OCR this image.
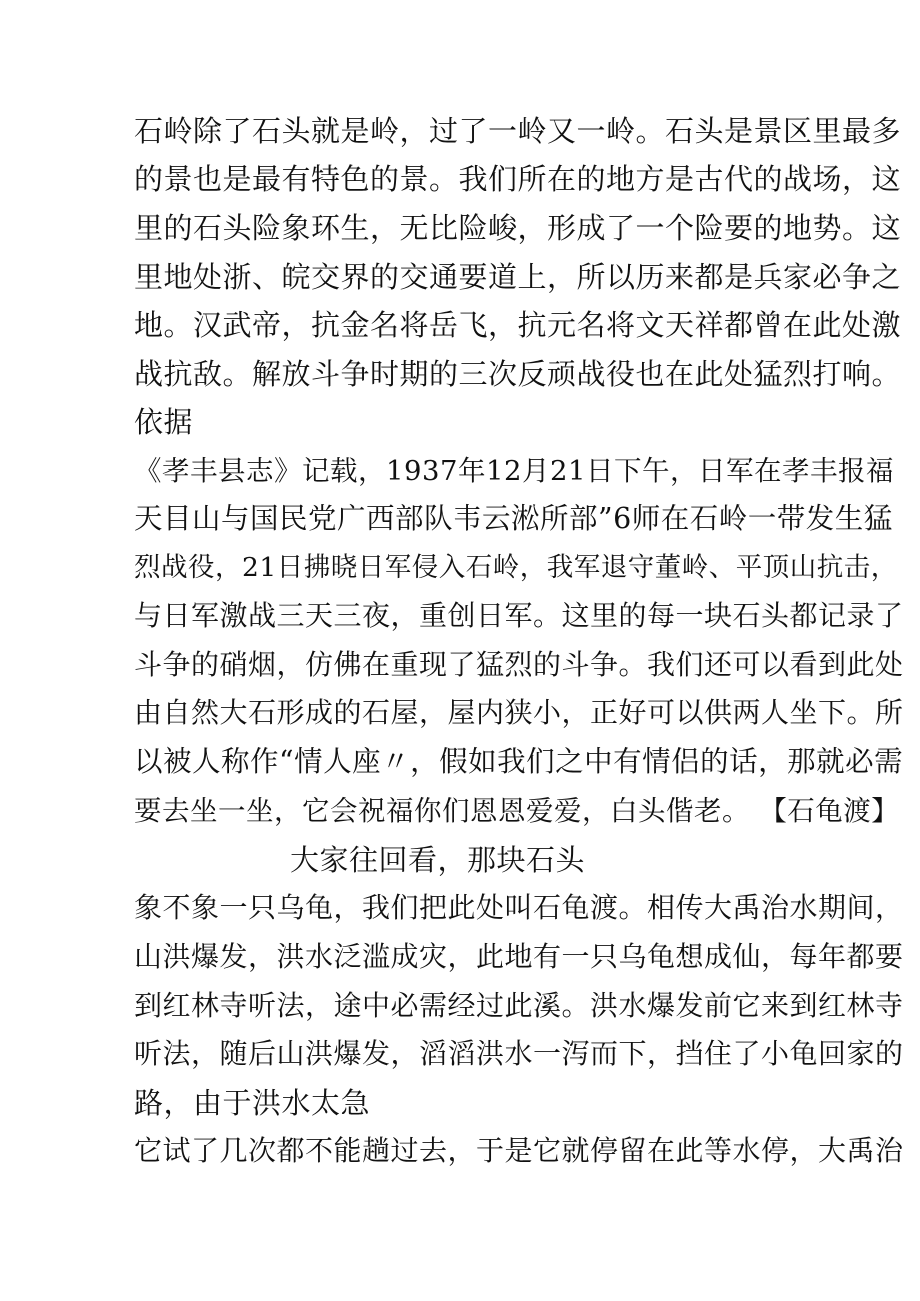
石岭除了石头就是岭，过了一岭又一岭。石头是景区里最多
的景也是最有特色的景。我们所在的地方是古代的战场，这
里的石头险象环生，无比险峻，形成了一个险要的地势。这
里地处浙、皖交界的交通要道上，所以历来都是兵家必争之
地。汉武帝，抗金名将岳飞，抗元名将文天祥都曾在此处激
战抗敌。解放斗争时期的三次反顽战役也在此处猛烈打响。
依据
《孝丰县志》记载，1937年12月21日下午，日军在孝丰报福
天目山与国民党广西部队韦云淞所部”6师在石岭一带发生猛
烈战役，21日拂晓日军侵入石岭，我军退守董岭、平顶山抗击，
与日军激战三天三夜，重创日军。这里的每一块石头都记录了
斗争的硝烟，仿佛在重现了猛烈的斗争。我们还可以看到此处
由自然大石形成的石屋，屋内狭小，正好可以供两人坐下。所
以被人称作“情人座〃，假如我们之中有情侣的话，那就必需
要去坐一坐，它会祝福你们恩恩爱爱，白头偕老。 【石龟渡】
大家往回看，那块石头
象不象一只乌龟，我们把此处叫石龟渡。相传大禹治水期间，
山洪爆发，洪水泛滥成灾，此地有一只乌龟想成仙，每年都要
到红林寺听法，途中必需经过此溪。洪水爆发前它来到红林寺
听法，随后山洪爆发，滔滔洪水一泻而下，挡住了小龟回家的
路，由于洪水太急
它试了几次都不能趟过去，于是它就停留在此等水停，大禹治
